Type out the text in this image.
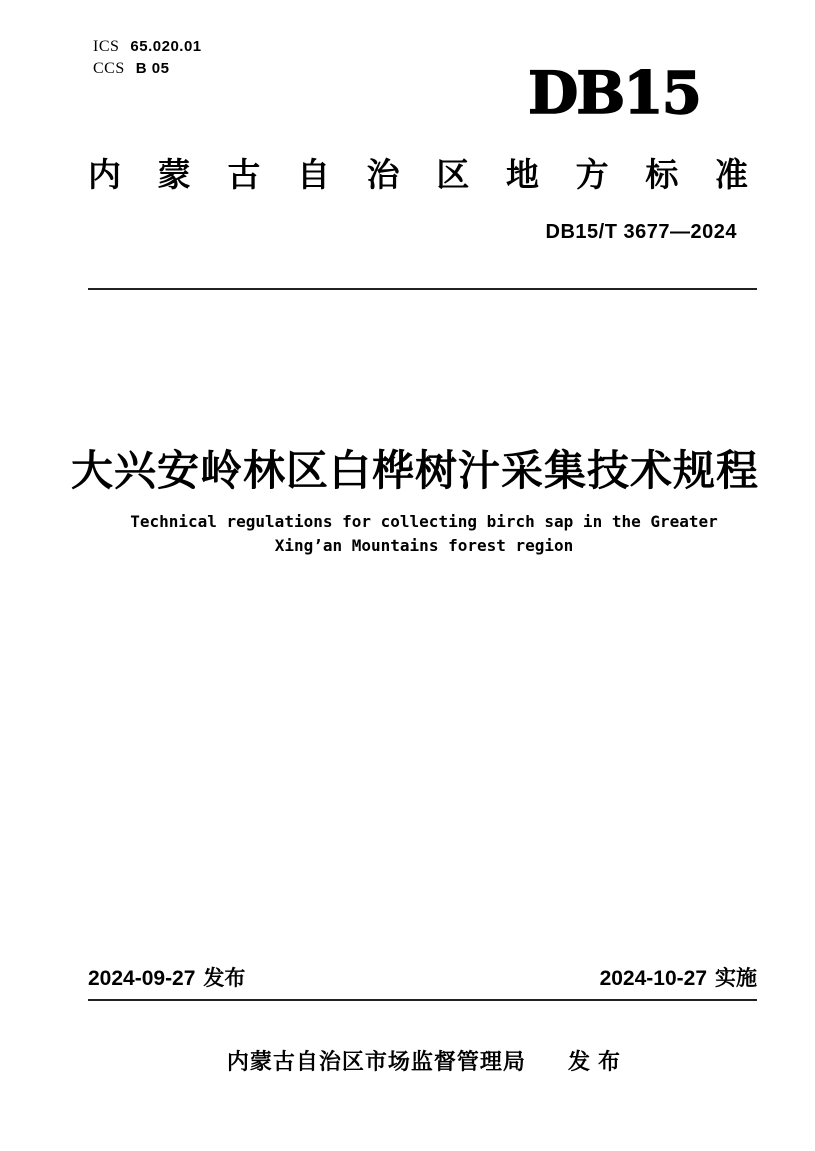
ICS 65.020.01
CCS B 05	DB15
内 蒙 古 自 治 区 地 方 标 准
DB15/T 3677—2024
大兴安岭林区白桦树汁采集技术规程
Technical regulations for collecting birch sap in the Greater
Xing’an Mountains forest region
2024-09-27 发布	2024-10-27 实施
内蒙古自治区市场监督管理局 发 布
